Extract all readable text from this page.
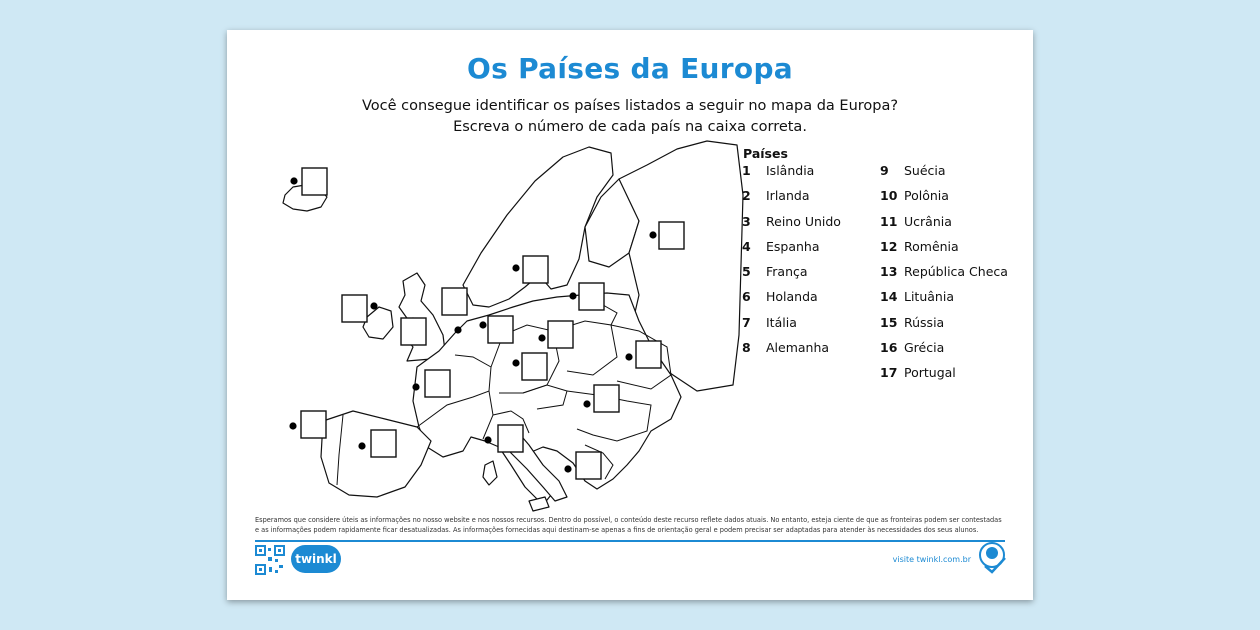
Os Países da Europa
Você consegue identificar os países listados a seguir no mapa da Europa?
Escreva o número de cada país na caixa correta.
Países
1	Islândia
2	Irlanda
3	Reino Unido
4	Espanha
5	França
6	Holanda
7	Itália
8	Alemanha
9	Suécia
10 Polônia
11 Ucrânia
12 Romênia
13 República Checa
14 Lituânia
15 Rússia
16 Grécia
17 Portugal
Esperamos que considere úteis as informações no nosso website e nos nossos recursos. Dentro do possível, o conteúdo deste recurso reflete dados atuais. No entanto, esteja ciente de que as fronteiras podem ser contestadas e as informações podem rapidamente ficar desatualizadas. As informações fornecidas aqui destinam-se apenas a fins de orientação geral e podem precisar ser adaptadas para atender às necessidades dos seus alunos.
twinkl	visite twinkl.com.br
